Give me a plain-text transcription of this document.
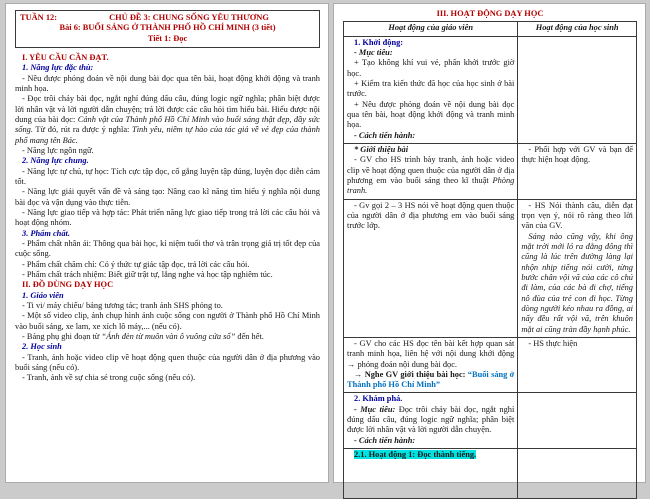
TUẦN 12:	CHỦ ĐỀ 3: CHUNG SỐNG YÊU THƯƠNG
Bài 6: BUỔI SÁNG Ở THÀNH PHỐ HỒ CHÍ MINH (3 tiết)
Tiết 1: Đọc

I. YÊU CẦU CẦN ĐẠT.

1. Năng lực đặc thù:

- Nêu được phỏng đoán về nội dung bài đọc qua tên bài, hoạt động khởi động và tranh minh họa.

- Đọc trôi chảy bài đọc, ngắt nghỉ đúng dấu câu, đúng logic ngữ nghĩa; phân biệt được lời nhân vật và lời người dẫn chuyện; trả lời được các câu hỏi tìm hiểu bài. Hiểu được nội dung của bài đọc: Cảnh vật của Thành phố Hồ Chí Minh vào buổi sáng thật đẹp, đầy sức sống. Từ đó, rút ra được ý nghĩa: Tình yêu, niềm tự hào của tác giả về vẻ đẹp của thành phố mang tên Bác.

- Năng lực ngôn ngữ.

2. Năng lực chung.

- Năng lực tự chủ, tự học: Tích cực tập đọc, cố gắng luyện tập đúng, luyện đọc diễn cảm tốt.

- Năng lực giải quyết vấn đề và sáng tạo: Nâng cao kĩ năng tìm hiểu ý nghĩa nội dung bài đọc và vận dụng vào thực tiễn.

- Năng lực giao tiếp và hợp tác: Phát triển năng lực giao tiếp trong trả lời các câu hỏi và hoạt động nhóm.

3. Phẩm chất.

- Phẩm chất nhân ái: Thông qua bài học, kỉ niệm tuổi thơ và trân trọng giá trị tốt đẹp của cuộc sống.

- Phẩm chất chăm chỉ: Có ý thức tự giác tập đọc, trả lời các câu hỏi.

- Phẩm chất trách nhiệm: Biết giữ trật tự, lắng nghe và học tập nghiêm túc.

II. ĐỒ DÙNG DẠY HỌC

1. Giáo viên

- Ti vi/ máy chiếu/ bảng tương tác; tranh ảnh SHS phóng to.

- Một số video clip, ảnh chụp hình ảnh cuộc sống con người ở Thành phố Hồ Chí Minh vào buổi sáng, xe lam, xe xích lô máy,... (nếu có).

- Bảng phụ ghi đoạn từ “Ánh đèn từ muôn vàn ô vuông cửa sổ” đến hết.

2. Học sinh

- Tranh, ảnh hoặc video clip về hoạt động quen thuộc của người dân ở địa phương vào buổi sáng (nếu có).

- Tranh, ảnh về sự chia sẻ trong cuộc sống (nếu có).

III. HOẠT ĐỘNG DẠY HỌC

Hoạt động của giáo viên	Hoạt động của học sinh

1. Khởi động:

- Mục tiêu:

+ Tạo không khí vui vẻ, phấn khởi trước giờ học.

+ Kiểm tra kiến thức đã học của học sinh ở bài trước.

+ Nêu được phỏng đoán về nội dung bài đọc qua tên bài, hoạt động khởi động và tranh minh họa.

- Cách tiến hành:

* Giới thiệu bài

- GV cho HS trình bày tranh, ảnh hoặc video clip về hoạt động quen thuộc của người dân ở địa phương em vào buổi sáng theo kĩ thuật Phòng tranh.	- Phối hợp với GV và bạn để thực hiện hoạt động.

- Gv gọi 2 – 3 HS nói về hoạt động quen thuộc của người dân ở địa phương em vào buổi sáng trước lớp.	- HS Nói thành câu, diễn đạt trọn vẹn ý, nói rõ ràng theo lời văn của GV.

Sáng nào cũng vậy, khi ông mặt trời mới ló ra đằng đông thì cũng là lúc trên đường làng lại nhộn nhịp tiếng nói cười, từng bước chân vội vã của các cô chú đi làm, của các bà đi chợ, tiếng nô đùa của trẻ con đi học. Từng dòng người kéo nhau ra đồng, ai nấy đều rất vội vã, trên khuôn mặt ai cũng tràn đầy hạnh phúc.

- GV cho các HS đọc tên bài kết hợp quan sát tranh minh họa, liên hệ với nội dung khởi động → phỏng đoán nội dung bài đọc.

→ Nghe GV giới thiệu bài học: “Buổi sáng ở Thành phố Hồ Chí Minh”	- HS thực hiện

2. Khám phá.

- Mục tiêu: Đọc trôi chảy bài đọc, ngắt nghỉ đúng dấu câu, đúng logic ngữ nghĩa; phân biệt được lời nhân vật và lời người dẫn chuyện.

- Cách tiến hành:	

2.1. Hoạt động 1: Đọc thành tiếng.	
